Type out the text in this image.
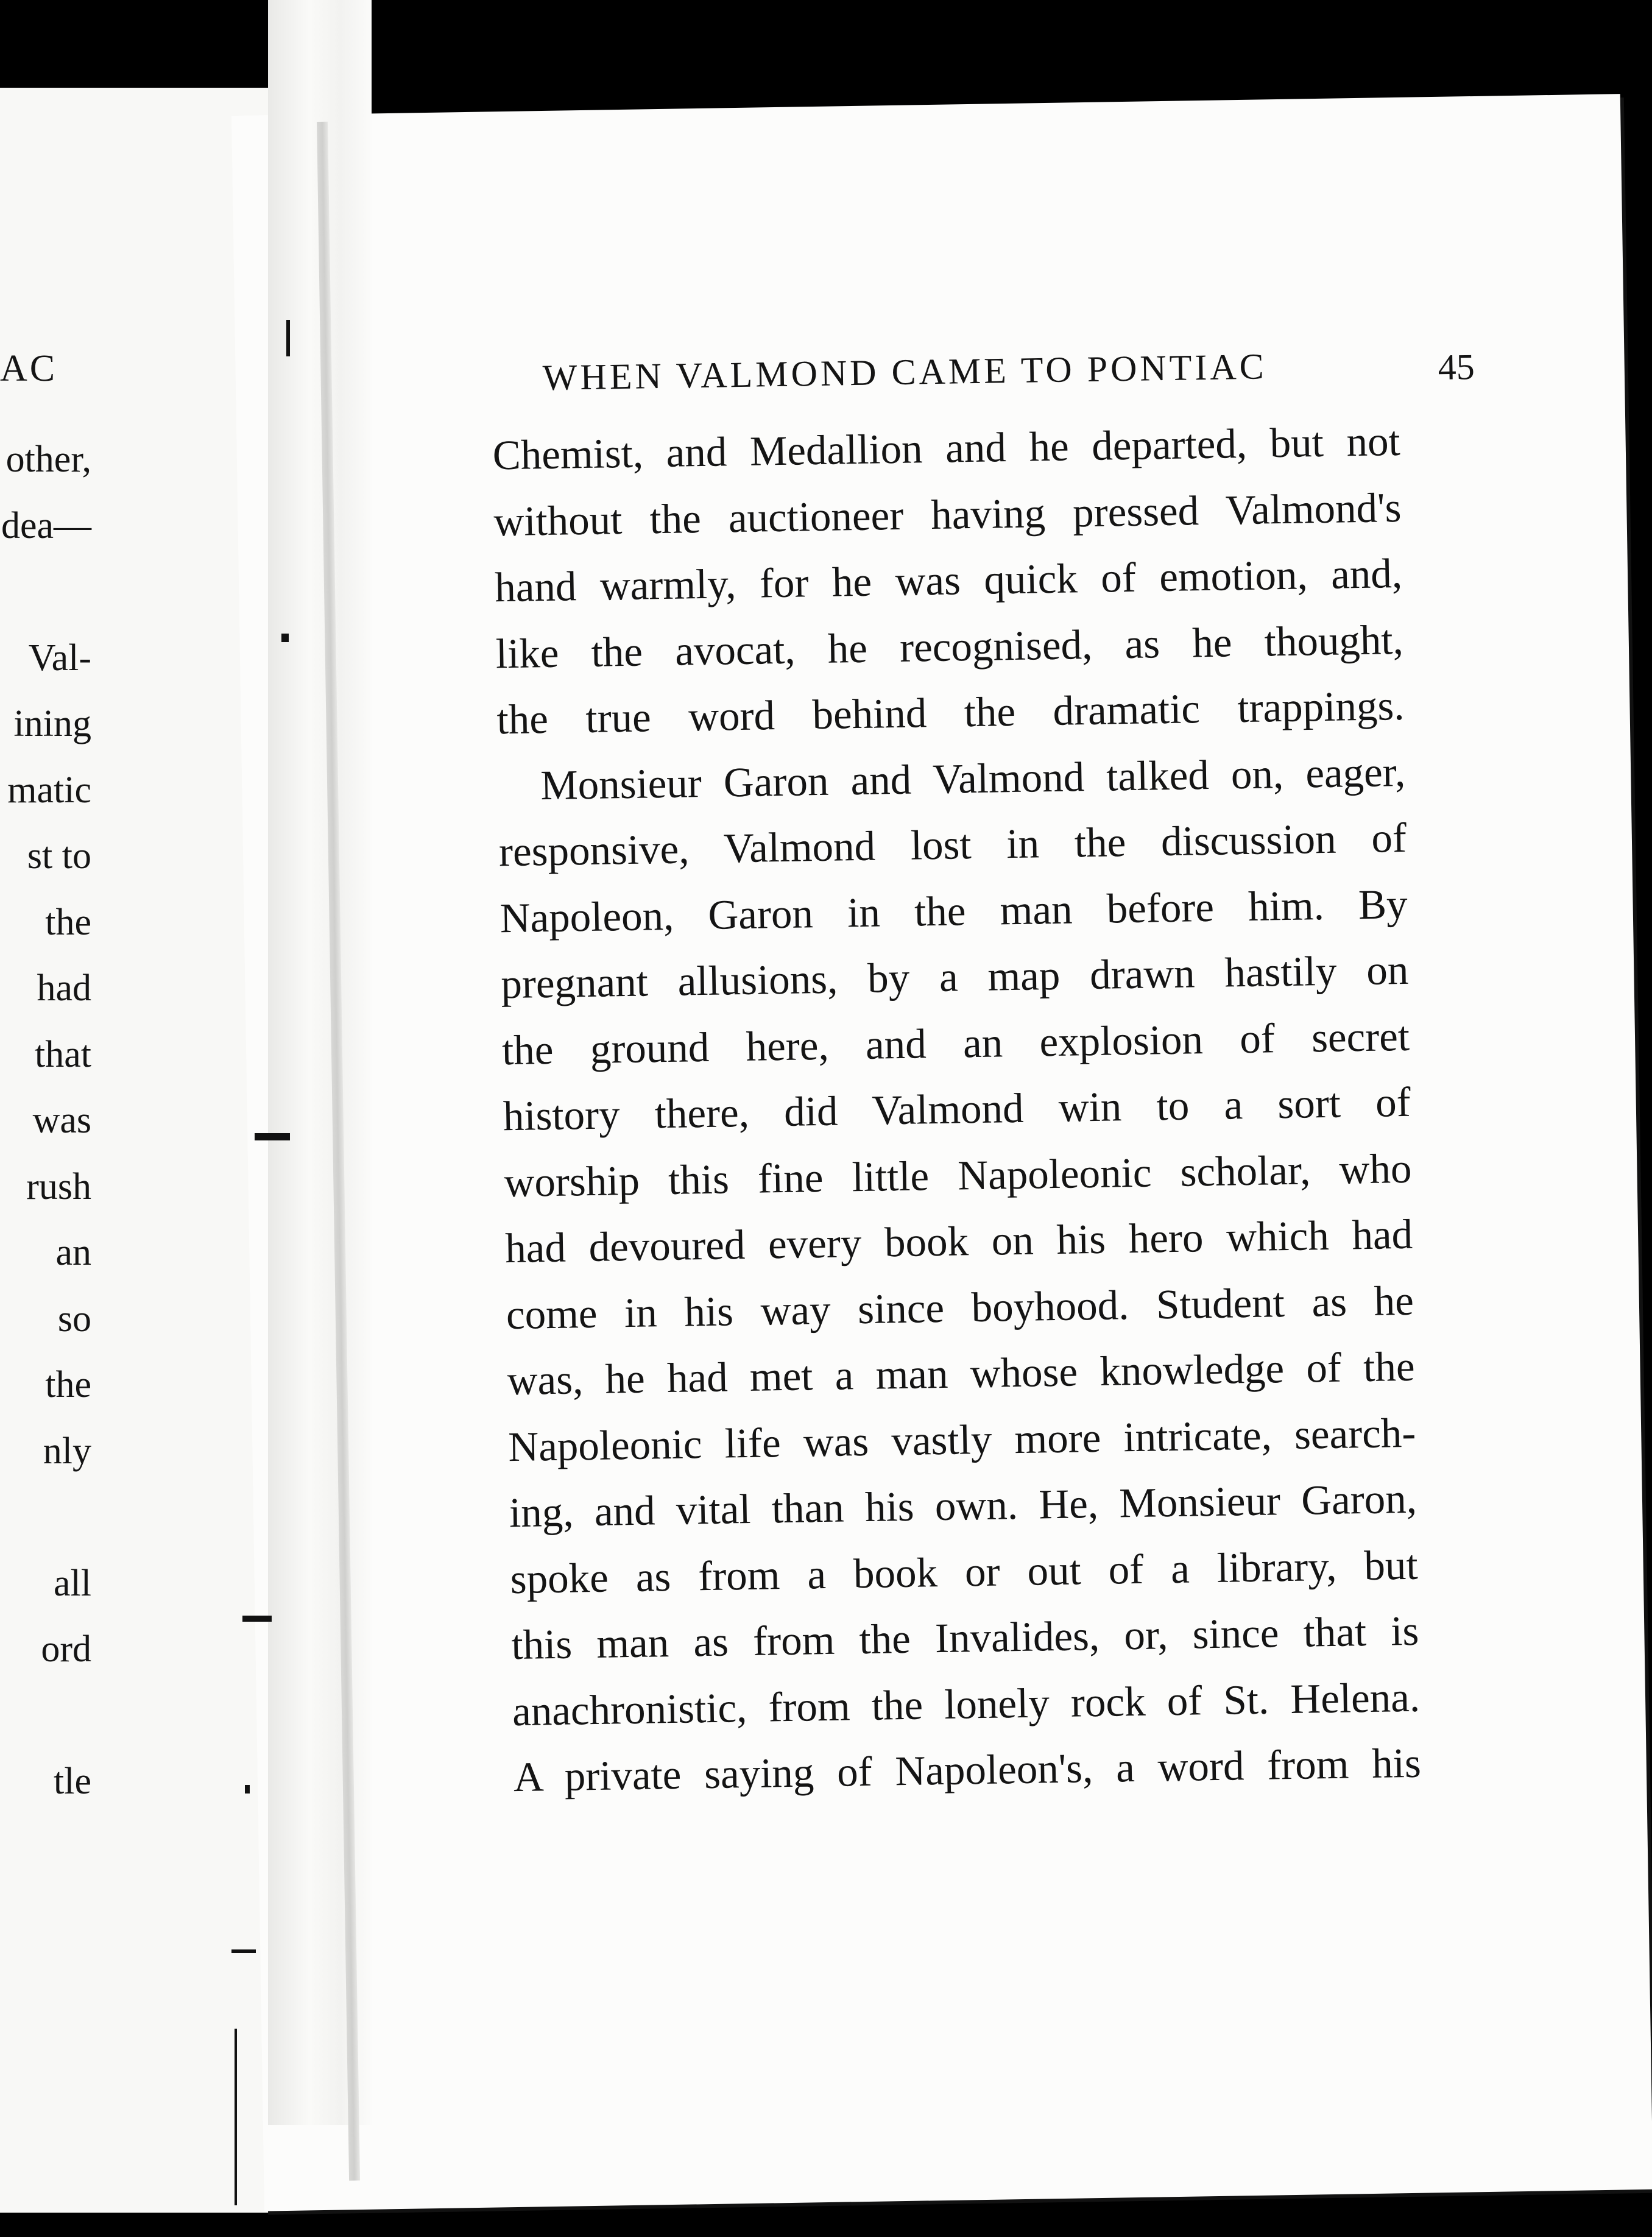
AC
other,
dea—
Val-
ining
matic
st to
the
had
that
was
rush
an
so
the
nly
all
ord
tle
WHEN VALMOND CAME TO PONTIAC	45
Chemist, and Medallion and he departed, but not
without the auctioneer having pressed Valmond's
hand warmly, for he was quick of emotion, and,
like the avocat, he recognised, as he thought,
the true word behind the dramatic trappings.
Monsieur Garon and Valmond talked on, eager,
responsive, Valmond lost in the discussion of
Napoleon, Garon in the man before him. By
pregnant allusions, by a map drawn hastily on
the ground here, and an explosion of secret
history there, did Valmond win to a sort of
worship this fine little Napoleonic scholar, who
had devoured every book on his hero which had
come in his way since boyhood. Student as he
was, he had met a man whose knowledge of the
Napoleonic life was vastly more intricate, search-
ing, and vital than his own. He, Monsieur Garon,
spoke as from a book or out of a library, but
this man as from the Invalides, or, since that is
anachronistic, from the lonely rock of St. Helena.
A private saying of Napoleon's, a word from his
